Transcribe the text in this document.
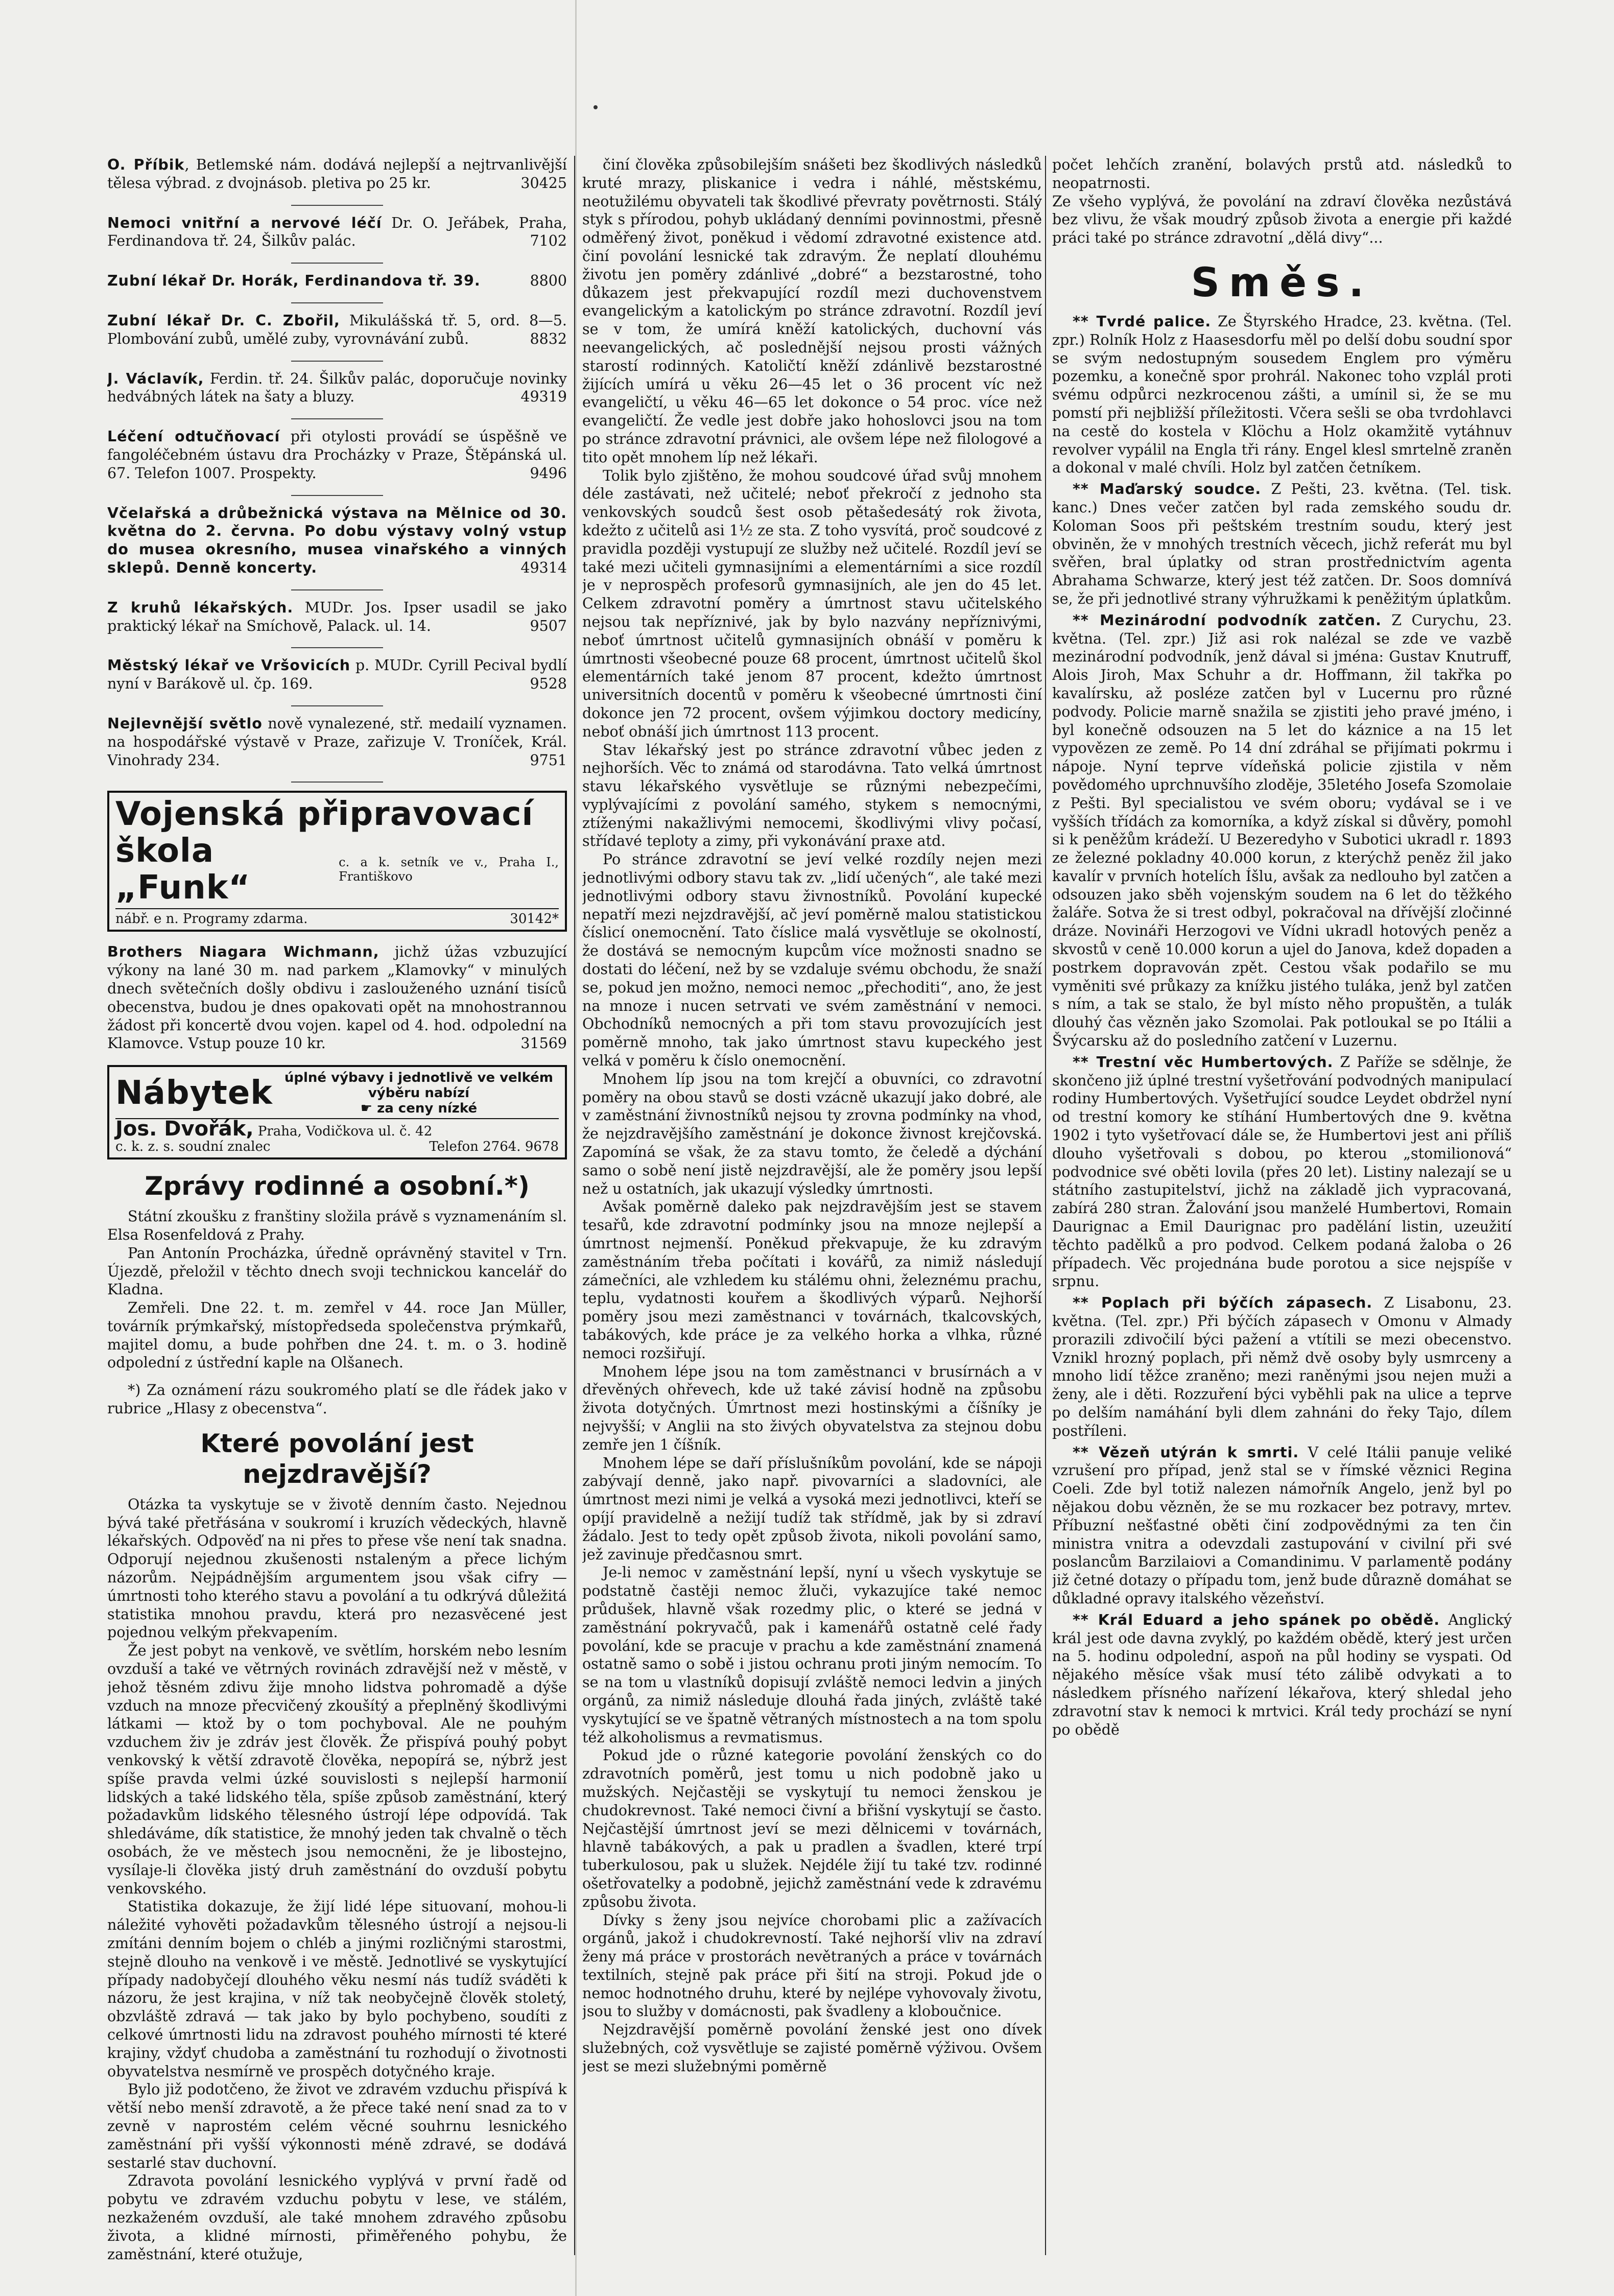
O. Příbik, Betlemské nám. dodává nejlepší a nejtrvanlivější tělesa výbrad. z dvojnásob. pletiva po 25 kr.	30425
Nemoci vnitřní a nervové léčí Dr. O. Jeřábek, Praha, Ferdinandova tř. 24, Šilkův palác.	7102
Zubní lékař Dr. Horák, Ferdinandova tř. 39.	8800
Zubní lékař Dr. C. Zbořil, Mikulášská tř. 5, ord. 8—5. Plombování zubů, umělé zuby, vyrovnávání zubů.	8832
J. Václavík, Ferdin. tř. 24. Šilkův palác, doporučuje novinky hedvábných látek na šaty a bluzy.	49319
Léčení odtučňovací při otylosti provádí se úspěšně ve fangoléčebném ústavu dra Procházky v Praze, Štěpánská ul. 67. Telefon 1007. Prospekty.	9496
Včelařská a drůbežnická výstava na Mělnice od 30. května do 2. června. Po dobu výstavy volný vstup do musea okresního, musea vinařského a vinných sklepů. Denně koncerty.	49314
Z kruhů lékařských. MUDr. Jos. Ipser usadil se jako praktický lékař na Smíchově, Palack. ul. 14.	9507
Městský lékař ve Vršovicích p. MUDr. Cyrill Pecival bydlí nyní v Barákově ul. čp. 169.	9528
Nejlevnější světlo nově vynalezené, stř. medailí vyznamen. na hospodářské výstavě v Praze, zařizuje V. Troníček, Král. Vinohrady 234.	9751
Vojenská připravovací
škola „Funk“
c. a k. setník ve v., Praha I., Františkovo
nábř. e n. Programy zdarma.	30142*
Brothers Niagara Wichmann, jichž úžas vzbuzující výkony na lané 30 m. nad parkem „Klamovky“ v minulých dnech světečních došly obdivu i zaslouženého uznání tisíců obecenstva, budou je dnes opakovati opět na mnohostrannou žádost při koncertě dvou vojen. kapel od 4. hod. odpolední na Klamovce. Vstup pouze 10 kr.	31569
Nábytek úplné výbavy i jednotlivě ve velkém výběru nabízí
☛ za ceny nízké
Jos. Dvořák, Praha, Vodičkova ul. č. 42
c. k. z. s. soudní znalec	Telefon 2764. 9678
Zprávy rodinné a osobní.*)

Státní zkoušku z franštiny složila právě s vyznamenáním sl. Elsa Rosenfeldová z Prahy.

Pan Antonín Procházka, úředně oprávněný stavitel v Trn. Újezdě, přeložil v těchto dnech svoji technickou kancelář do Kladna.

Zemřeli. Dne 22. t. m. zemřel v 44. roce Jan Müller, továrník prýmkařský, místopředseda společenstva prýmkařů, majitel domu, a bude pohřben dne 24. t. m. o 3. hodině odpolední z ústřední kaple na Olšanech.

*) Za oznámení rázu soukromého platí se dle řádek jako v rubrice „Hlasy z obecenstva“.

Které povolání jest nejzdravější?

Otázka ta vyskytuje se v životě denním často. Nejednou bývá také přetřásána v soukromí i kruzích vědeckých, hlavně lékařských. Odpověď na ni přes to přese vše není tak snadna. Odporují nejednou zkušenosti nstaleným a přece lichým názorům. Nejpádnějším argumentem jsou však cifry — úmrtnosti toho kterého stavu a povolání a tu odkrývá důležitá statistika mnohou pravdu, která pro nezasvěcené jest pojednou velkým překvapením.

Že jest pobyt na venkově, ve světlím, horském nebo lesním ovzduší a také ve větrných rovinách zdravější než v městě, v jehož těsném zdivu žije mnoho lidstva pohromadě a dýše vzduch na mnoze přecvičený zkoušítý a přeplněný škodlivými látkami — ktož by o tom pochyboval. Ale ne pouhým vzduchem živ je zdráv jest člověk. Že přispívá pouhý pobyt venkovský k větší zdravotě člověka, nepopírá se, nýbrž jest spíše pravda velmi úzké souvislosti s nejlepší harmonií lidských a také lidského těla, spíše způsob zaměstnání, který požadavkům lidského tělesného ústrojí lépe odpovídá. Tak shledáváme, dík statistice, že mnohý jeden tak chvalně o těch osobách, že ve městech jsou nemocněni, že je libostejno, vysílaje-li člověka jistý druh zaměstnání do ovzduší pobytu venkovského.

Statistika dokazuje, že žijí lidé lépe situovaní, mohou-li náležité vyhověti požadavkům tělesného ústrojí a nejsou-li zmítáni denním bojem o chléb a jinými rozličnými starostmi, stejně dlouho na venkově i ve městě. Jednotlivé se vyskytující případy nadobyčejí dlouhého věku nesmí nás tudíž sváděti k názoru, že jest krajina, v níž tak neobyčejně člověk stoletý, obzvláště zdravá — tak jako by bylo pochybeno, soudíti z celkové úmrtnosti lidu na zdravost pouhého mírnosti té které krajiny, vždyť chudoba a zaměstnání tu rozhodují o životnosti obyvatelstva nesmírně ve prospěch dotyčného kraje.

Bylo již podotčeno, že život ve zdravém vzduchu přispívá k větší nebo menší zdravotě, a že přece také není snad za to v zevně v naprostém celém věcné souhrnu lesnického zaměstnání při vyšší výkonnosti méně zdravé, se dodává sestarlé stav duchovní.

Zdravota povolání lesnického vyplývá v první řadě od pobytu ve zdravém vzduchu pobytu v lese, ve stálém, nezkaženém ovzduší, ale také mnohem zdravého způsobu života, a klidné mírnosti, přiměřeného pohybu, že zaměstnání, které otužuje,

činí člověka způsobilejším snášeti bez škodlivých následků kruté mrazy, pliskanice i vedra i náhlé, městskému, neotužilému obyvateli tak škodlivé převraty povětrnosti. Stálý styk s přírodou, pohyb ukládaný denními povinnostmi, přesně odměřený život, poněkud i vědomí zdravotné existence atd. činí povolání lesnické tak zdravým. Že neplatí dlouhému životu jen poměry zdánlivé „dobré“ a bezstarostné, toho důkazem jest překvapující rozdíl mezi duchovenstvem evangelickým a katolickým po stránce zdravotní. Rozdíl jeví se v tom, že umírá kněží katolických, duchovní vás neevangelických, ač poslednější nejsou prosti vážných starostí rodinných. Katoličtí kněží zdánlivě bezstarostné žijících umírá u věku 26—45 let o 36 procent víc než evangeličtí, u věku 46—65 let dokonce o 54 proc. více než evangeličtí. Že vedle jest dobře jako hohoslovci jsou na tom po stránce zdravotní právnici, ale ovšem lépe než filologové a tito opět mnohem líp než lékaři.

Tolik bylo zjištěno, že mohou soudcové úřad svůj mnohem déle zastávati, než učitelé; neboť překročí z jednoho sta venkovských soudců šest osob pětašedesátý rok života, kdežto z učitelů asi 1½ ze sta. Z toho vysvítá, proč soudcové z pravidla později vystupují ze služby než učitelé. Rozdíl jeví se také mezi učiteli gymnasijními a elementárními a sice rozdíl je v neprospěch profesorů gymnasijních, ale jen do 45 let. Celkem zdravotní poměry a úmrtnost stavu učitelského nejsou tak nepříznivé, jak by bylo nazvány nepříznivými, neboť úmrtnost učitelů gymnasijních obnáší v poměru k úmrtnosti všeobecné pouze 68 procent, úmrtnost učitelů škol elementárních také jenom 87 procent, kdežto úmrtnost universitních docentů v poměru k všeobecné úmrtnosti činí dokonce jen 72 procent, ovšem výjimkou doctory medicíny, neboť obnáší jich úmrtnost 113 procent.

Stav lékařský jest po stránce zdravotní vůbec jeden z nejhorších. Věc to známá od starodávna. Tato velká úmrtnost stavu lékařského vysvětluje se různými nebezpečími, vyplývajícími z povolání samého, stykem s nemocnými, ztíženými nakažlivými nemocemi, škodlivými vlivy počasí, střídavé teploty a zimy, při vykonávání praxe atd.

Po stránce zdravotní se jeví velké rozdíly nejen mezi jednotlivými odbory stavu tak zv. „lidí učených“, ale také mezi jednotlivými odbory stavu živnostníků. Povolání kupecké nepatří mezi nejzdravější, ač jeví poměrně malou statistickou číslicí onemocnění. Tato číslice malá vysvětluje se okolností, že dostává se nemocným kupcům více možnosti snadno se dostati do léčení, než by se vzdaluje svému obchodu, že snaží se, pokud jen možno, nemoci nemoc „přechoditi“, ano, že jest na mnoze i nucen setrvati ve svém zaměstnání v nemoci. Obchodníků nemocných a při tom stavu provozujících jest poměrně mnoho, tak jako úmrtnost stavu kupeckého jest velká v poměru k číslo onemocnění.

Mnohem líp jsou na tom krejčí a obuvníci, co zdravotní poměry na obou stavů se dosti vzácně ukazují jako dobré, ale v zaměstnání živnostníků nejsou ty zrovna podmínky na vhod, že nejzdravějšího zaměstnání je dokonce živnost krejčovská. Zapomíná se však, že za stavu tomto, že čeledě a dýchání samo o sobě není jistě nejzdravější, ale že poměry jsou lepší než u ostatních, jak ukazují výsledky úmrtnosti.

Avšak poměrně daleko pak nejzdravějším jest se stavem tesařů, kde zdravotní podmínky jsou na mnoze nejlepší a úmrtnost nejmenší. Poněkud překvapuje, že ku zdravým zaměstnáním třeba počítati i kovářů, za nimiž následují zámečníci, ale vzhledem ku stálému ohni, železnému prachu, teplu, vydatnosti kouřem a škodlivých výparů. Nejhorší poměry jsou mezi zaměstnanci v továrnách, tkalcovských, tabákových, kde práce je za velkého horka a vlhka, různé nemoci rozšiřují.

Mnohem lépe jsou na tom zaměstnanci v brusírnách a v dřevěných ohřevech, kde už také závisí hodně na způsobu života dotyčných. Úmrtnost mezi hostinskými a číšníky je nejvyšší; v Anglii na sto živých obyvatelstva za stejnou dobu zemře jen 1 číšník.

Mnohem lépe se daří příslušníkům povolání, kde se nápoji zabývají denně, jako např. pivovarníci a sladovníci, ale úmrtnost mezi nimi je velká a vysoká mezi jednotlivci, kteří se opíjí pravidelně a nežijí tudíž tak střídmě, jak by si zdraví žádalo. Jest to tedy opět způsob života, nikoli povolání samo, jež zavinuje předčasnou smrt.

Je-li nemoc v zaměstnání lepší, nyní u všech vyskytuje se podstatně častěji nemoc žluči, vykazujíce také nemoc průdušek, hlavně však rozedmy plic, o které se jedná v zaměstnání pokryvačů, pak i kamenářů ostatně celé řady povolání, kde se pracuje v prachu a kde zaměstnání znamená ostatně samo o sobě i jistou ochranu proti jiným nemocím. To se na tom u vlastníků dopisují zvláště nemoci ledvin a jiných orgánů, za nimiž následuje dlouhá řada jiných, zvláště také vyskytující se ve špatně větraných místnostech a na tom spolu též alkoholismus a revmatismus.

Pokud jde o různé kategorie povolání ženských co do zdravotních poměrů, jest tomu u nich podobně jako u mužských. Nejčastěji se vyskytují tu nemoci ženskou je chudokrevnost. Také nemoci čivní a břišní vyskytují se často. Nejčastější úmrtnost jeví se mezi dělnicemi v továrnách, hlavně tabákových, a pak u pradlen a švadlen, které trpí tuberkulosou, pak u služek. Nejdéle žijí tu také tzv. rodinné ošetřovatelky a podobně, jejichž zaměstnání vede k zdravému způsobu života.

Dívky s ženy jsou nejvíce chorobami plic a zažívacích orgánů, jakož i chudokrevností. Také nejhorší vliv na zdraví ženy má práce v prostorách nevětraných a práce v továrnách textilních, stejně pak práce při šití na stroji. Pokud jde o nemoc hodnotného druhu, které by nejlépe vyhovovaly životu, jsou to služby v domácnosti, pak švadleny a kloboučnice.

Nejzdravější poměrně povolání ženské jest ono dívek služebných, což vysvětluje se zajisté poměrně výživou. Ovšem jest se mezi služebnými poměrně

počet lehčích zranění, bolavých prstů atd. následků to neopatrnosti.
Ze všeho vyplývá, že povolání na zdraví člověka nezůstává bez vlivu, že však moudrý způsob života a energie při každé práci také po stránce zdravotní „dělá divy“...

Směs.

** Tvrdé palice. Ze Štyrského Hradce, 23. května. (Tel. zpr.) Rolník Holz z Haasesdorfu měl po delší dobu soudní spor se svým nedostupným sousedem Englem pro výměru pozemku, a konečně spor prohrál. Nakonec toho vzplál proti svému odpůrci nezkrocenou zášti, a umínil si, že se mu pomstí při nejbližší příležitosti. Včera sešli se oba tvrdohlavci na cestě do kostela v Klöchu a Holz okamžitě vytáhnuv revolver vypálil na Engla tři rány. Engel klesl smrtelně zraněn a dokonal v malé chvíli. Holz byl zatčen četníkem.

** Maďarský soudce. Z Pešti, 23. května. (Tel. tisk. kanc.) Dnes večer zatčen byl rada zemského soudu dr. Koloman Soos při peštském trestním soudu, který jest obviněn, že v mnohých trestních věcech, jichž referát mu byl svěřen, bral úplatky od stran prostřednictvím agenta Abrahama Schwarze, který jest též zatčen. Dr. Soos domnívá se, že při jednotlivé strany výhružkami k peněžitým úplatkům.

** Mezinárodní podvodník zatčen. Z Curychu, 23. května. (Tel. zpr.) Již asi rok nalézal se zde ve vazbě mezinárodní podvodník, jenž dával si jména: Gustav Knutruff, Alois Jiroh, Max Schuhr a dr. Hoffmann, žil takřka po kavalírsku, až posléze zatčen byl v Lucernu pro různé podvody. Policie marně snažila se zjistiti jeho pravé jméno, i byl konečně odsouzen na 5 let do káznice a na 15 let vypovězen ze země. Po 14 dní zdráhal se přijímati pokrmu i nápoje. Nyní teprve vídeňská policie zjistila v něm povědomého uprchnuvšího zloděje, 35letého Josefa Szomolaie z Pešti. Byl specialistou ve svém oboru; vydával se i ve vyšších třídách za komorníka, a když získal si důvěry, pomohl si k peněžům krádeží. U Bezeredyho v Subotici ukradl r. 1893 ze železné pokladny 40.000 korun, z kterýchž peněz žil jako kavalír v prvních hotelích Íšlu, avšak za nedlouho byl zatčen a odsouzen jako sběh vojenským soudem na 6 let do těžkého žaláře. Sotva že si trest odbyl, pokračoval na dřívější zločinné dráze. Novináři Herzogovi ve Vídni ukradl hotových peněz a skvostů v ceně 10.000 korun a ujel do Janova, kdež dopaden a postrkem dopravován zpět. Cestou však podařilo se mu vyměniti své průkazy za knížku jistého tuláka, jenž byl zatčen s ním, a tak se stalo, že byl místo něho propuštěn, a tulák dlouhý čas vězněn jako Szomolai. Pak potloukal se po Itálii a Švýcarsku až do posledního zatčení v Luzernu.

** Trestní věc Humbertových. Z Paříže se sdělnje, že skončeno již úplné trestní vyšetřování podvodných manipulací rodiny Humbertových. Vyšetřující soudce Leydet obdržel nyní od trestní komory ke stíhání Humbertových dne 9. května 1902 i tyto vyšetřovací dále se, že Humbertovi jest ani příliš dlouho vyšetřovali s dobou, po kterou „stomilionová“ podvodnice své oběti lovila (přes 20 let). Listiny nalezají se u státního zastupitelství, jichž na základě jich vypracovaná, zabírá 280 stran. Žalování jsou manželé Humbertovi, Romain Daurignac a Emil Daurignac pro padělání listin, uzeužití těchto padělků a pro podvod. Celkem podaná žaloba o 26 případech. Věc projednána bude porotou a sice nejspíše v srpnu.

** Poplach při býčích zápasech. Z Lisabonu, 23. května. (Tel. zpr.) Při býčích zápasech v Omonu v Almady prorazili zdivočilí býci pažení a vtítili se mezi obecenstvo. Vznikl hrozný poplach, při němž dvě osoby byly usmrceny a mnoho lidí těžce zraněno; mezi raněnými jsou nejen muži a ženy, ale i děti. Rozzuření býci vyběhli pak na ulice a teprve po delším namáhání byli dlem zahnáni do řeky Tajo, dílem postříleni.

** Vězeň utýrán k smrti. V celé Itálii panuje veliké vzrušení pro případ, jenž stal se v římské věznici Regina Coeli. Zde byl totiž nalezen námořník Angelo, jenž byl po nějakou dobu vězněn, že se mu rozkacer bez potravy, mrtev. Příbuzní nešťastné oběti činí zodpovědnými za ten čin ministra vnitra a odevzdali zastupování v civilní při své poslancům Barzilaiovi a Comandinimu. V parlamentě podány již četné dotazy o případu tom, jenž bude důrazně domáhat se důkladné opravy italského vězeňství.

** Král Eduard a jeho spánek po obědě. Anglický král jest ode davna zvyklý, po každém obědě, který jest určen na 5. hodinu odpolední, aspoň na půl hodiny se vyspati. Od nějakého měsíce však musí této zálibě odvykati a to následkem přísného nařízení lékařova, který shledal jeho zdravotní stav k nemoci k mrtvici. Král tedy prochází se nyní po obědě
